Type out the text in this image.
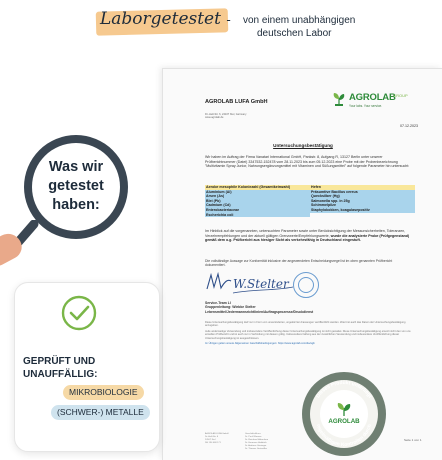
Laborgetestet - von einem unabhängigen
deutschen Labor
AGROLAB LUFA GmbH
Dr.-Hell-Str. 6, 24107 Kiel, Germany
www.agrolab.de
AGROLAB
GROUP
Your labs. Your service.
07.12.2023
Untersuchungsbestätigung
Wir haben im Auftrag der Firma Vanatari International GmbH, Pankstr. 8, Aufgang R, 13127 Berlin unter unserer Prüfberichtnummer (Datei) 3347532-152478 vom 28.11.2023 bis zum 05.12.2023 eine Probe mit der Probenbezeichnung "Multivitamin Spray Junior, Nahrungsergänzungsmittel mit Vitaminen und Süßungsmittel" auf folgende Parameter hin untersucht:
Aerobe mesophile Koloniezahl (Gesamtkeimzahl)	Hefen
Aluminium (Al)	Präsumtive Bacillus cereus
Arsen (As)	Quecksilber (Hg)
Blei (Pb)	Salmonella spp. in 25g
Cadmium (Cd)	Schimmelpilze
Enterobacteriaceae	Staphylokokken, koagulasepositiv
Escherichia coli
Im Hinblick auf die vorgenannten, untersuchten Parameter sowie unter Berücksichtigung der Messunsicherheiten, Toleranzen, Verzehrempfehlungen und der aktuell gültigen Grenzwerte/Empfehlungswerte, wurde die analysierte Probe (Prüfgegenstand) gemäß dem o.g. Prüfbericht aus hiesiger Sicht als verkehrsfähig in Deutschland eingestuft.
Die vollständige Aussage zur Konformität inklusive der angewendeten Entscheidungsregel ist im oben genannten Prüfbericht dokumentiert.
W.Stelter
Service-Team LI
Gruppenleitung: Wiebke Stelter
Lebensmittel/Jedermannsrichtlinien/Auftragsprozesse/Druckdienst

Diese Untersuchungsbestätigung darf nur in Form von unveränderten, ungekürzten Fassungen veröffentlicht werden. Zitiert ist auch das Datum der Untersuchungsbestätigung anzugeben.

Jede anderweitige Verwendung und insbesondere Veröffentlichung dieser Untersuchungsbestätigung ist nicht gestattet. Diese Untersuchungsbestätigung ersetzt nicht den von uns erstellten Prüfbericht und ist auch nur in Verbindung mit diesem gültig. Insbesondere haftung aus der zusätzlichen Verwendung und insbesondere Veröffentlichung dieser Untersuchungsbestätigung ist ausgeschlossen.

Im Übrigen gelten unsere Allgemeinen Geschäftsbedingungen: https://www.agrolab.com/de/agb

AGROLAB LUFA GmbH
Dr.-Hell-Str. 6
24107 Kiel
DE 134 068 171
Geschäftsführer
Dr. Paul Wimmer
Dr. Reinhard Haberkorn
Dr. Hermann Heddrick
Dr. Andreas Giesinger
Dr. Thomas Gurtmüller
Seite 1 von 1
Dieses Produkt unterliegt
regelmäßigen Kontrollen durch
AGROLAB
Was wir
getestet
haben:
GEPRÜFT UND
UNAUFFÄLLIG:
MIKROBIOLOGIE
(SCHWER-) METALLE
